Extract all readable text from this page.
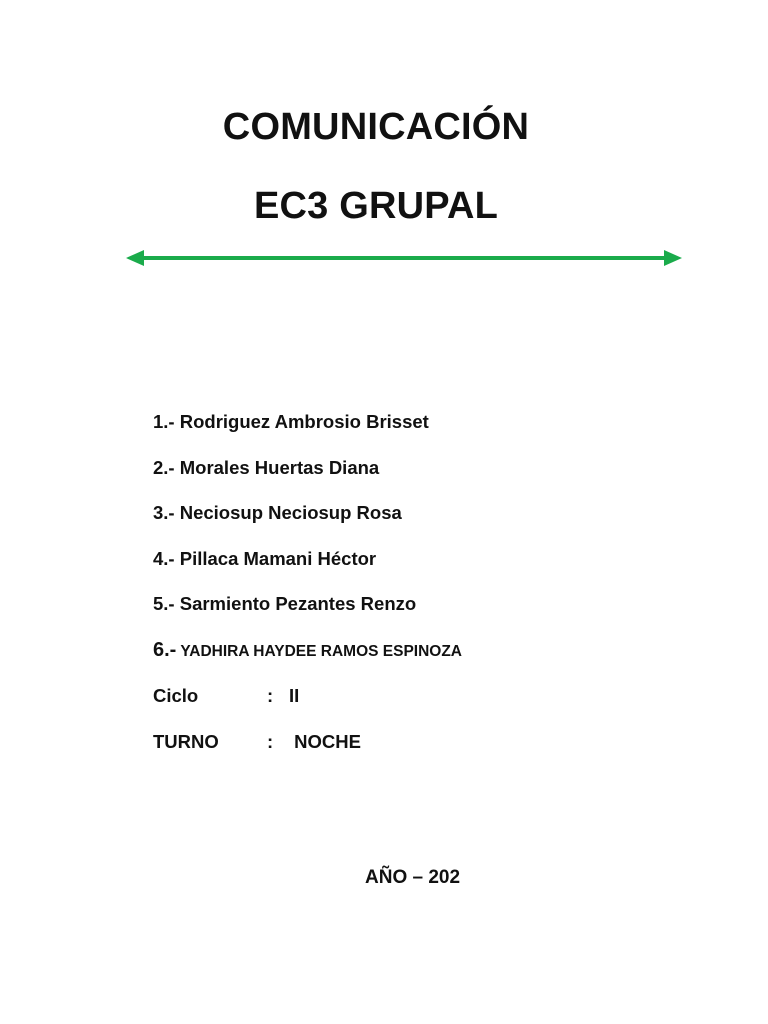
COMUNICACIÓN
EC3 GRUPAL
1.- Rodriguez Ambrosio Brisset
2.- Morales Huertas Diana
3.- Neciosup Neciosup Rosa
4.- Pillaca Mamani Héctor
5.- Sarmiento Pezantes Renzo
6.- YADHIRA HAYDEE RAMOS ESPINOZA
Ciclo	: II
TURNO	: NOCHE
AÑO – 202
